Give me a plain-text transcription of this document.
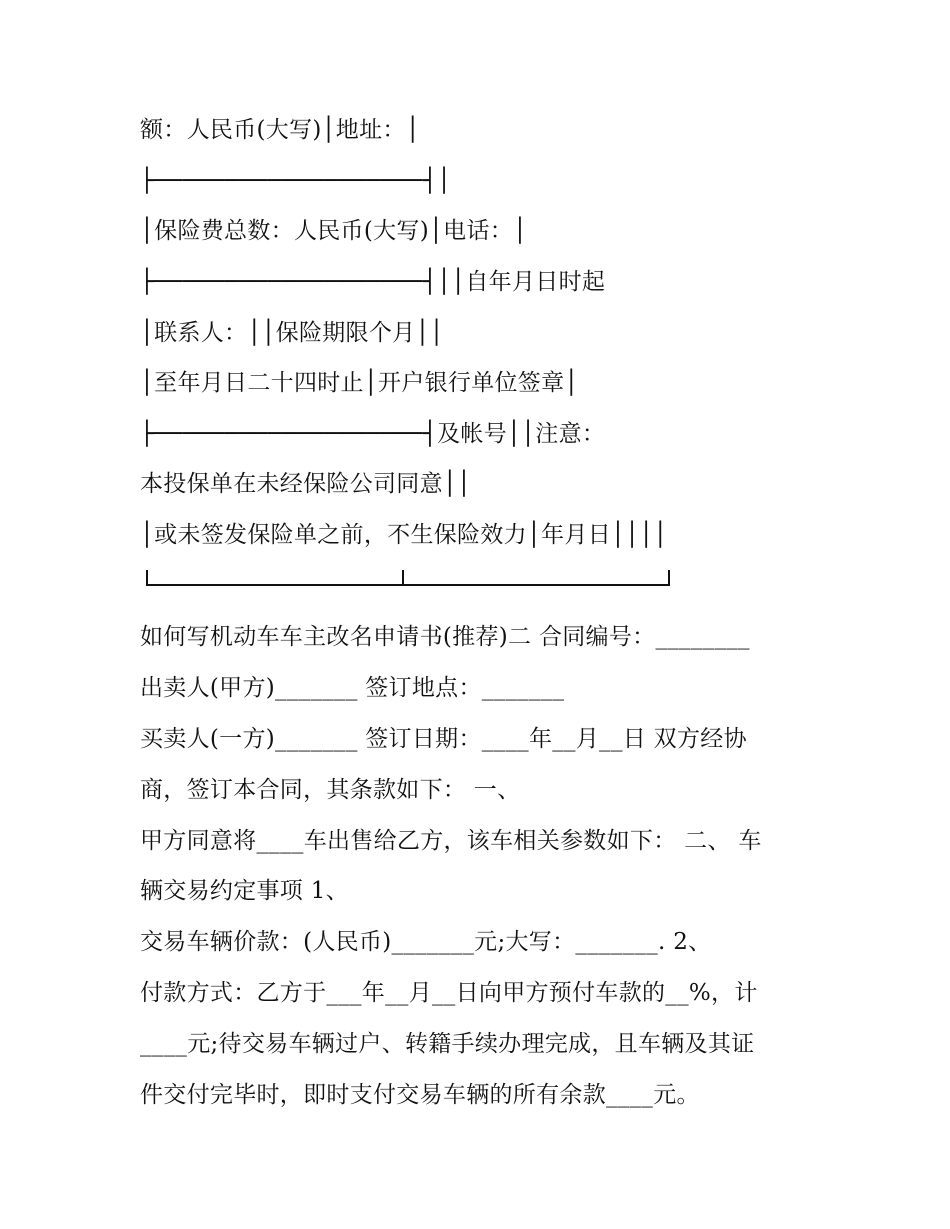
额：人民币(大写)│地址：│
├───────────────────┤│
│保险费总数：人民币(大写)│电话：│
├───────────────────┤││自年月日时起
│联系人：││保险期限个月││
│至年月日二十四时止│开户银行单位签章│
├───────────────────┤及帐号││注意：
本投保单在未经保险公司同意││
│或未签发保险单之前，不生保险效力│年月日││││
如何写机动车车主改名申请书(推荐)二 合同编号：________
出卖人(甲方)_______ 签订地点：_______
买卖人(一方)_______ 签订日期：____年__月__日 双方经协
商，签订本合同，其条款如下： 一、
甲方同意将____车出售给乙方，该车相关参数如下： 二、 车
辆交易约定事项 1、
交易车辆价款：(人民币)_______元;大写：_______. 2、
付款方式：乙方于___年__月__日向甲方预付车款的__%，计
____元;待交易车辆过户、转籍手续办理完成，且车辆及其证
件交付完毕时，即时支付交易车辆的所有余款____元。
